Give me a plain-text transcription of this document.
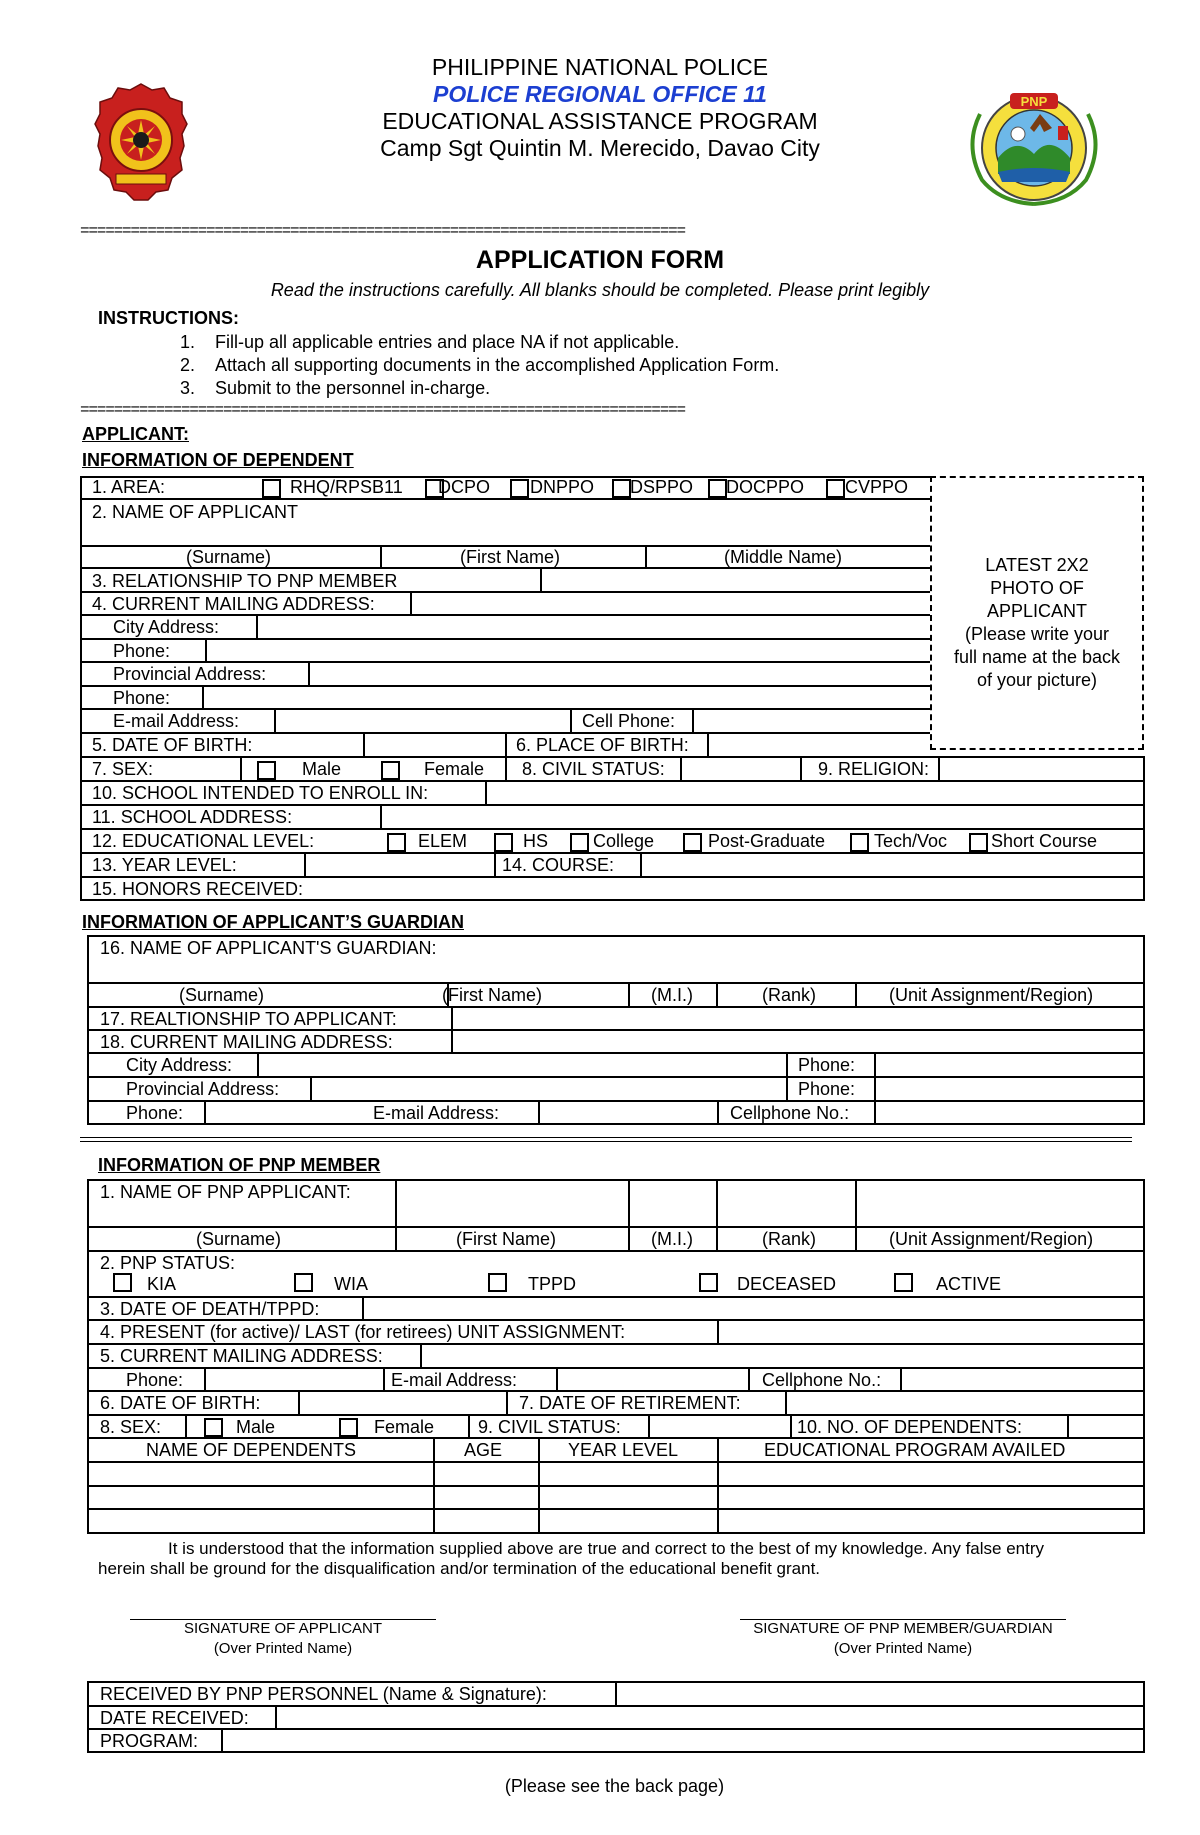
PNP
PHILIPPINE NATIONAL POLICE
POLICE REGIONAL OFFICE 11
EDUCATIONAL ASSISTANCE PROGRAM
Camp Sgt Quintin M. Merecido, Davao City
========================================================================
APPLICATION FORM
Read the instructions carefully. All blanks should be completed. Please print legibly
INSTRUCTIONS:
1. Fill-up all applicable entries and place NA if not applicable.
2. Attach all supporting documents in the accomplished Application Form.
3. Submit to the personnel in-charge.
========================================================================
APPLICANT:
INFORMATION OF DEPENDENT
LATEST 2X2
PHOTO OF
APPLICANT
(Please write your
full name at the back
of your picture)
1. AREA:	RHQ/RPSB11 DCPO DNPPO DSPPO DOCPPO CVPPO
2. NAME OF APPLICANT
(Surname)	(First Name)	(Middle Name)
3. RELATIONSHIP TO PNP MEMBER
4. CURRENT MAILING ADDRESS:
City Address:
Phone:
Provincial Address:
Phone:
E-mail Address:	Cell Phone:
5. DATE OF BIRTH:	6. PLACE OF BIRTH:
7. SEX:	Male	Female 8. CIVIL STATUS:	9. RELIGION:
10. SCHOOL INTENDED TO ENROLL IN:
11. SCHOOL ADDRESS:
12. EDUCATIONAL LEVEL:	ELEM	HS College	Post-Graduate	Tech/Voc Short Course
13. YEAR LEVEL:	14. COURSE:
15. HONORS RECEIVED:
INFORMATION OF APPLICANT’S GUARDIAN
16. NAME OF APPLICANT'S GUARDIAN:
(Surname)	(First Name)	(M.I.)	(Rank)	(Unit Assignment/Region)
17. REALTIONSHIP TO APPLICANT:
18. CURRENT MAILING ADDRESS:
City Address:	Phone:
Provincial Address:	Phone:
Phone:	E-mail Address:	Cellphone No.:
INFORMATION OF PNP MEMBER
1. NAME OF PNP APPLICANT:
(Surname)	(First Name)	(M.I.)	(Rank)	(Unit Assignment/Region)
2. PNP STATUS:
KIA	WIA	TPPD	DECEASED	ACTIVE
3. DATE OF DEATH/TPPD:
4. PRESENT (for active)/ LAST (for retirees) UNIT ASSIGNMENT:
5. CURRENT MAILING ADDRESS:
Phone:	E-mail Address:	Cellphone No.:
6. DATE OF BIRTH:	7. DATE OF RETIREMENT:
8. SEX:	Male	Female 9. CIVIL STATUS:	10. NO. OF DEPENDENTS:
NAME OF DEPENDENTS	AGE	YEAR LEVEL	EDUCATIONAL PROGRAM AVAILED
It is understood that the information supplied above are true and correct to the best of my knowledge. Any false entry
herein shall be ground for the disqualification and/or termination of the educational benefit grant.
SIGNATURE OF APPLICANT
(Over Printed Name)
SIGNATURE OF PNP MEMBER/GUARDIAN
(Over Printed Name)
RECEIVED BY PNP PERSONNEL (Name & Signature):
DATE RECEIVED:
PROGRAM:
(Please see the back page)
